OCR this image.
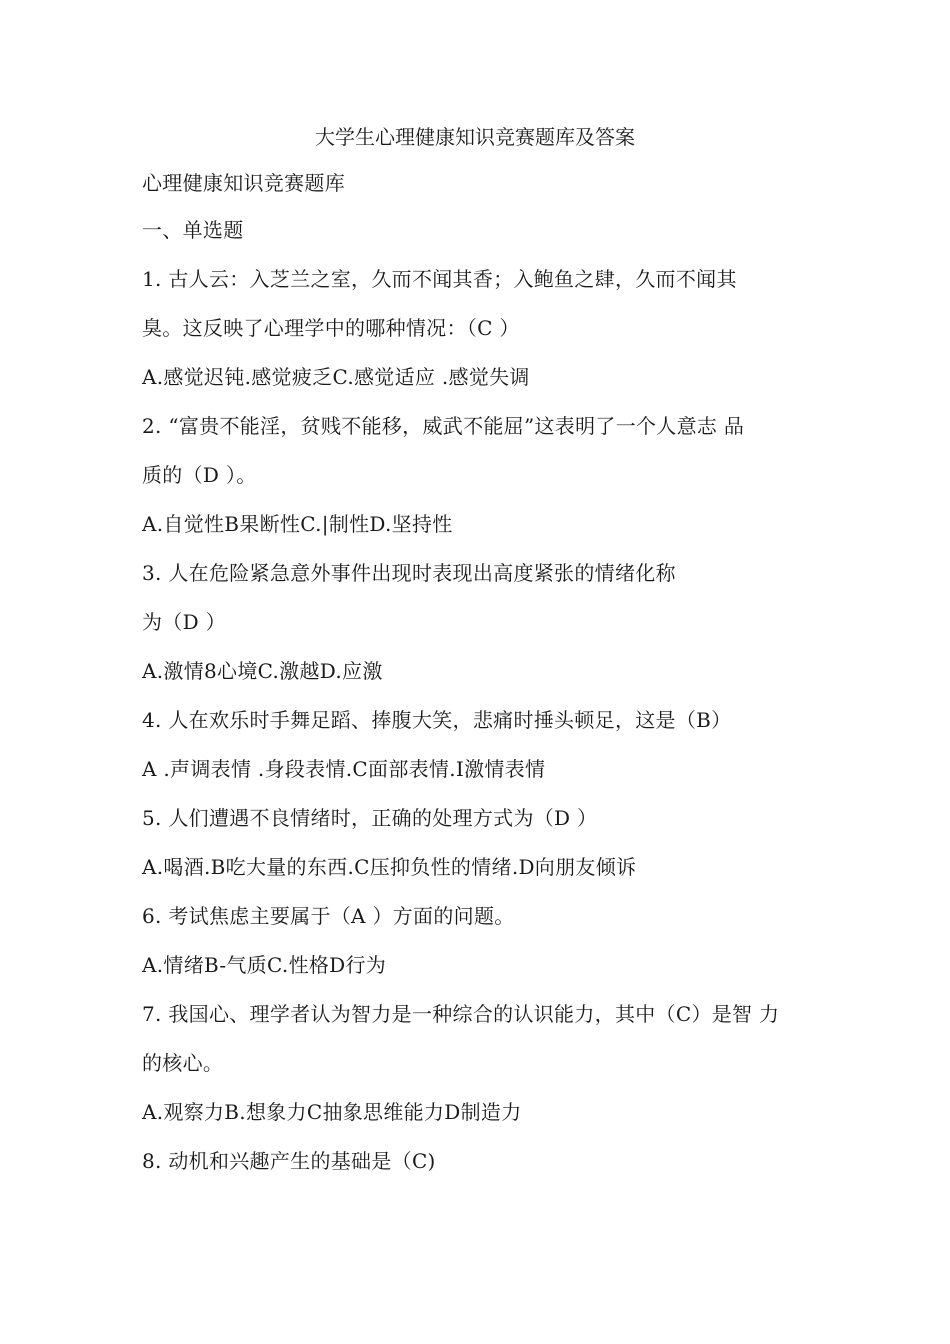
大学生心理健康知识竞赛题库及答案
心理健康知识竞赛题库
一、单选题
1. 古人云：入芝兰之室，久而不闻其香；入鲍鱼之肆，久而不闻其
臭。这反映了心理学中的哪种情况：（C ）
A.感觉迟钝.感觉疲乏C.感觉适应 .感觉失调
2. “富贵不能淫，贫贱不能移，威武不能屈”这表明了一个人意志 品
质的（D ）。
A.自觉性B果断性C.|制性D.坚持性
3. 人在危险紧急意外事件出现时表现出高度紧张的情绪化称
为（D ）
A.激情8心境C.激越D.应激
4. 人在欢乐时手舞足蹈、捧腹大笑，悲痛时捶头顿足，这是（B）
A .声调表情 .身段表情.C面部表情.I激情表情
5. 人们遭遇不良情绪时，正确的处理方式为（D ）
A.喝酒.B吃大量的东西.C压抑负性的情绪.D向朋友倾诉
6. 考试焦虑主要属于（A ）方面的问题。
A.情绪B-气质C.性格D行为
7. 我国心、理学者认为智力是一种综合的认识能力，其中（C）是智 力
的核心。
A.观察力B.想象力C抽象思维能力D制造力
8. 动机和兴趣产生的基础是（C)
